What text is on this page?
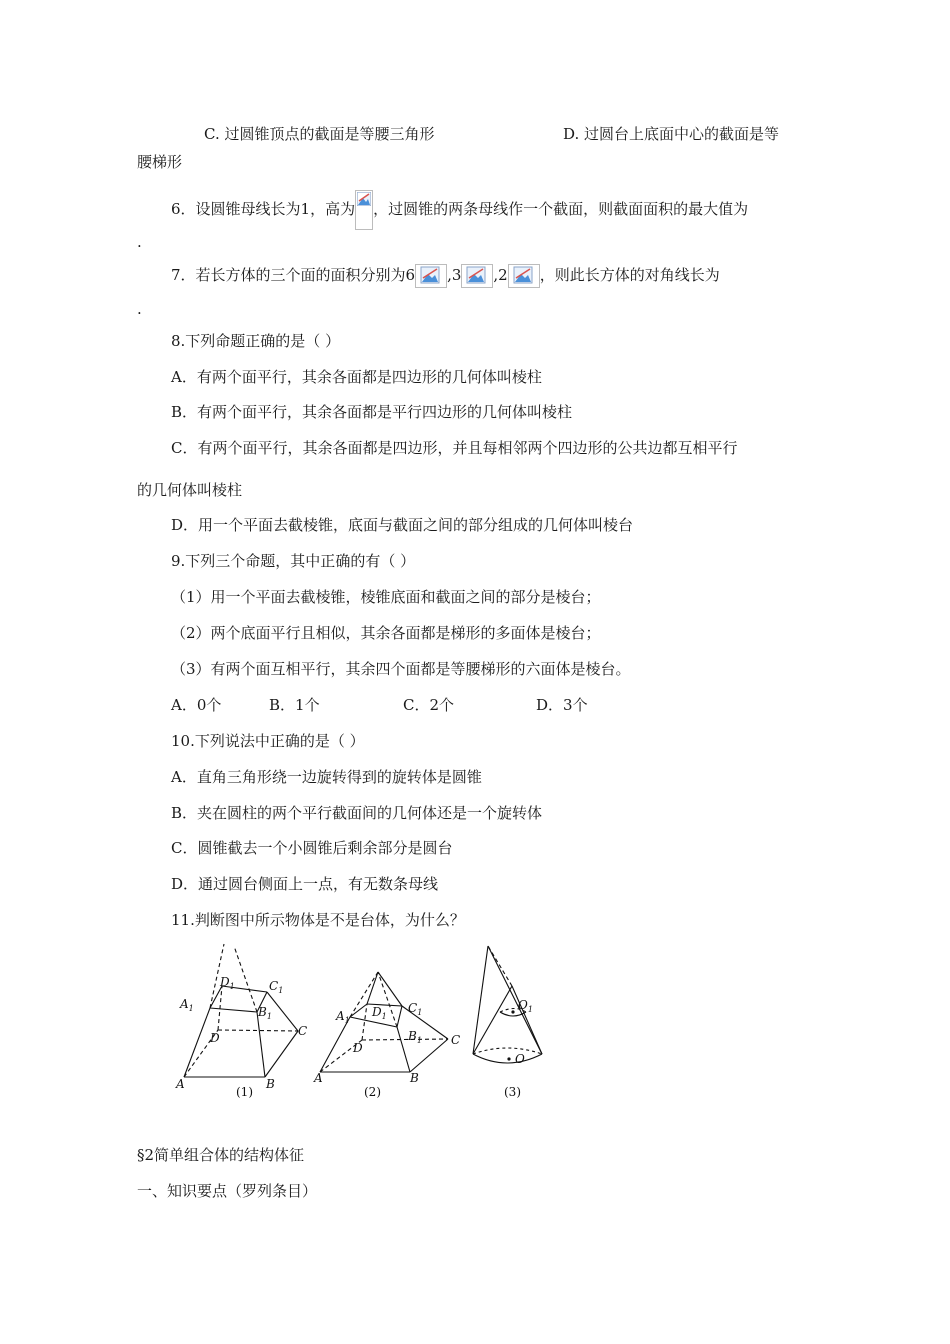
C. 过圆锥顶点的截面是等腰三角形	D. 过圆台上底面中心的截面是等
腰梯形
6．设圆锥母线长为1，高为 ，过圆锥的两条母线作一个截面，则截面面积的最大值为
.
7．若长方体的三个面的面积分别为6 ,3 ,2 ，则此长方体的对角线长为
.
8.下列命题正确的是（ ）
A．有两个面平行，其余各面都是四边形的几何体叫棱柱
B．有两个面平行，其余各面都是平行四边形的几何体叫棱柱
C．有两个面平行，其余各面都是四边形，并且每相邻两个四边形的公共边都互相平行
的几何体叫棱柱
D．用一个平面去截棱锥，底面与截面之间的部分组成的几何体叫棱台
9.下列三个命题，其中正确的有（ ）
（1）用一个平面去截棱锥，棱锥底面和截面之间的部分是棱台；
（2）两个底面平行且相似，其余各面都是梯形的多面体是棱台；
（3）有两个面互相平行，其余四个面都是等腰梯形的六面体是棱台。
A．0个	B．1个	C．2个	D．3个
10.下列说法中正确的是（ ）
A．直角三角形绕一边旋转得到的旋转体是圆锥
B．夹在圆柱的两个平行截面间的几何体还是一个旋转体
C．圆锥截去一个小圆锥后剩余部分是圆台
D．通过圆台侧面上一点，有无数条母线
11.判断图中所示物体是不是台体，为什么？
$A_1$
$D_1$	$C_1$
$B_1$
D	C
A	B
(1)
$A_1$
$D_1$
$C_1$
$B_1$
D
C
A	B
(2)
$O_1$
O
(3)
§2简单组合体的结构体征
一、知识要点（罗列条目）
